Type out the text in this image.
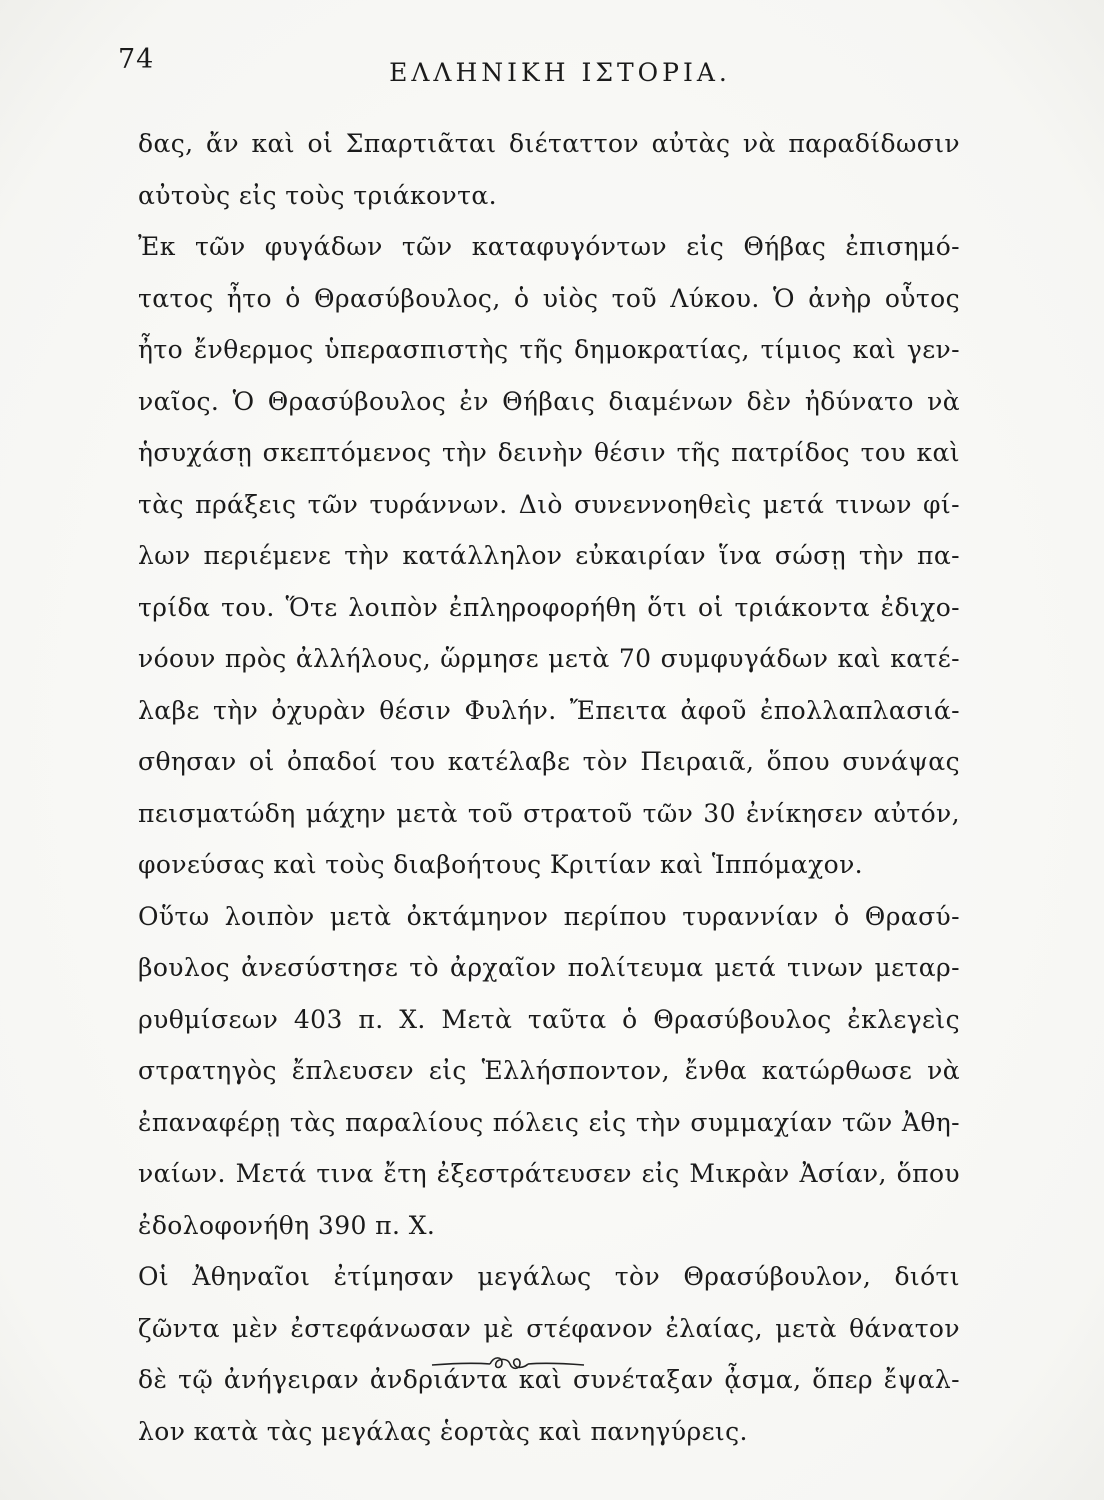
74	ΕΛΛΗΝΙΚΗ ΙΣΤΟΡΙΑ.

δας, ἄν καὶ οἱ Σπαρτιᾶται διέταττον αὐτὰς νὰ παραδίδωσιν
αὐτοὺς εἰς τοὺς τριάκοντα.

Ἐκ τῶν φυγάδων τῶν καταφυγόντων εἰς Θήβας ἐπισημό-
τατος ἦτο ὁ Θρασύβουλος, ὁ υἱὸς τοῦ Λύκου. Ὁ ἀνὴρ οὗτος
ἦτο ἔνθερμος ὑπερασπιστὴς τῆς δημοκρατίας, τίμιος καὶ γεν-
ναῖος. Ὁ Θρασύβουλος ἐν Θήβαις διαμένων δὲν ἠδύνατο νὰ
ἡσυχάσῃ σκεπτόμενος τὴν δεινὴν θέσιν τῆς πατρίδος του καὶ
τὰς πράξεις τῶν τυράννων. Διὸ συνεννοηθεὶς μετά τινων φί-
λων περιέμενε τὴν κατάλληλον εὐκαιρίαν ἵνα σώσῃ τὴν πα-
τρίδα του. Ὅτε λοιπὸν ἐπληροφορήθη ὅτι οἱ τριάκοντα ἐδιχο-
νόουν πρὸς ἀλλήλους, ὥρμησε μετὰ 70 συμφυγάδων καὶ κατέ-
λαβε τὴν ὀχυρὰν θέσιν Φυλήν. Ἔπειτα ἀφοῦ ἐπολλαπλασιά-
σθησαν οἱ ὀπαδοί του κατέλαβε τὸν Πειραιᾶ, ὅπου συνάψας
πεισματώδη μάχην μετὰ τοῦ στρατοῦ τῶν 30 ἐνίκησεν αὐτόν,
φονεύσας καὶ τοὺς διαβοήτους Κριτίαν καὶ Ἱππόμαχον.

Οὕτω λοιπὸν μετὰ ὀκτάμηνον περίπου τυραννίαν ὁ Θρασύ-
βουλος ἀνεσύστησε τὸ ἀρχαῖον πολίτευμα μετά τινων μεταρ-
ρυθμίσεων 403 π. Χ. Μετὰ ταῦτα ὁ Θρασύβουλος ἐκλεγεὶς
στρατηγὸς ἔπλευσεν εἰς Ἑλλήσποντον, ἔνθα κατώρθωσε νὰ
ἐπαναφέρῃ τὰς παραλίους πόλεις εἰς τὴν συμμαχίαν τῶν Ἀθη-
ναίων. Μετά τινα ἔτη ἐξεστράτευσεν εἰς Μικρὰν Ἀσίαν, ὅπου
ἐδολοφονήθη 390 π. Χ.

Οἱ Ἀθηναῖοι ἐτίμησαν μεγάλως τὸν Θρασύβουλον, διότι
ζῶντα μὲν ἐστεφάνωσαν μὲ στέφανον ἐλαίας, μετὰ θάνατον
δὲ τῷ ἀνήγειραν ἀνδριάντα καὶ συνέταξαν ᾆσμα, ὅπερ ἔψαλ-
λον κατὰ τὰς μεγάλας ἑορτὰς καὶ πανηγύρεις.
